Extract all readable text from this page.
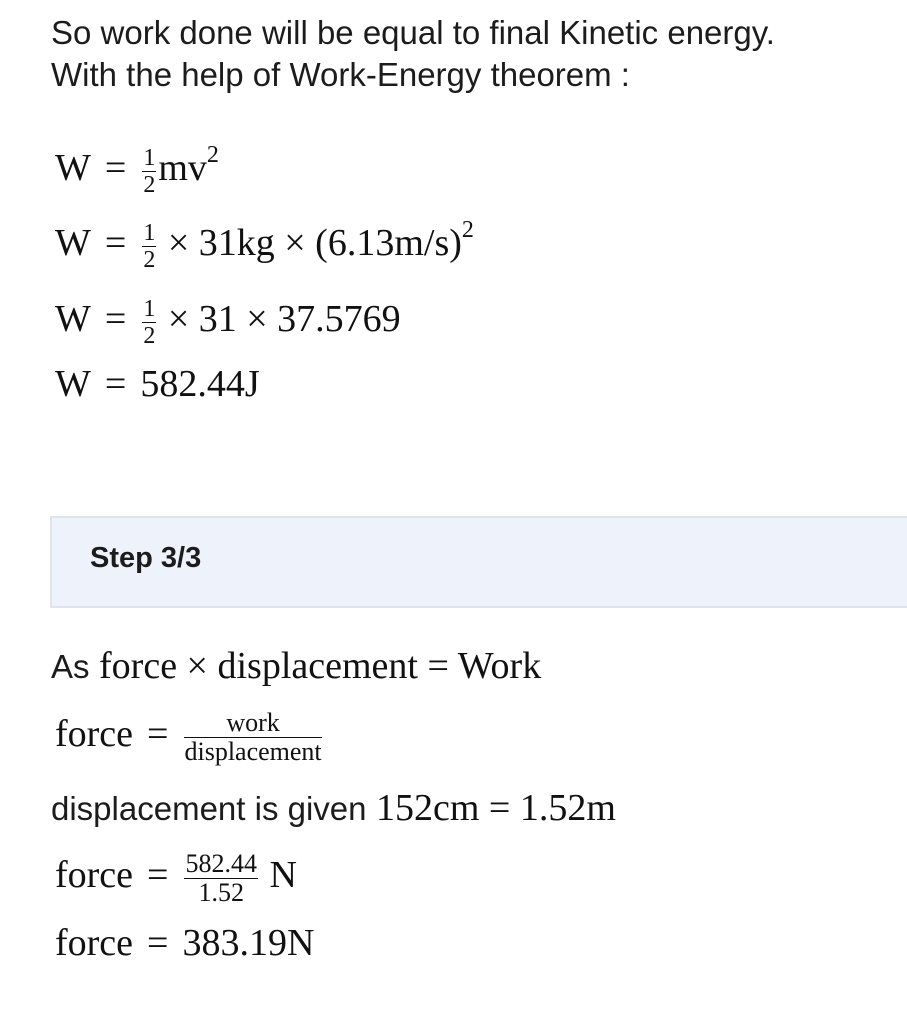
So work done will be equal to final Kinetic energy.
With the help of Work-Energy theorem :
$W = \frac{1}{2} mv^2$
$W = \frac{1}{2} \times 31kg \times (6.13m/s)^2$
$W = \frac{1}{2} \times 31 \times 37.5769$
W = 582.44J
Step 3/3
As force × displacement = Work
force = $\frac{\text{work}}{\text{displacement}}$
displacement is given 152cm = 1.52m
force = $\frac{582.44}{1.52}$ N
force = 383.19N
